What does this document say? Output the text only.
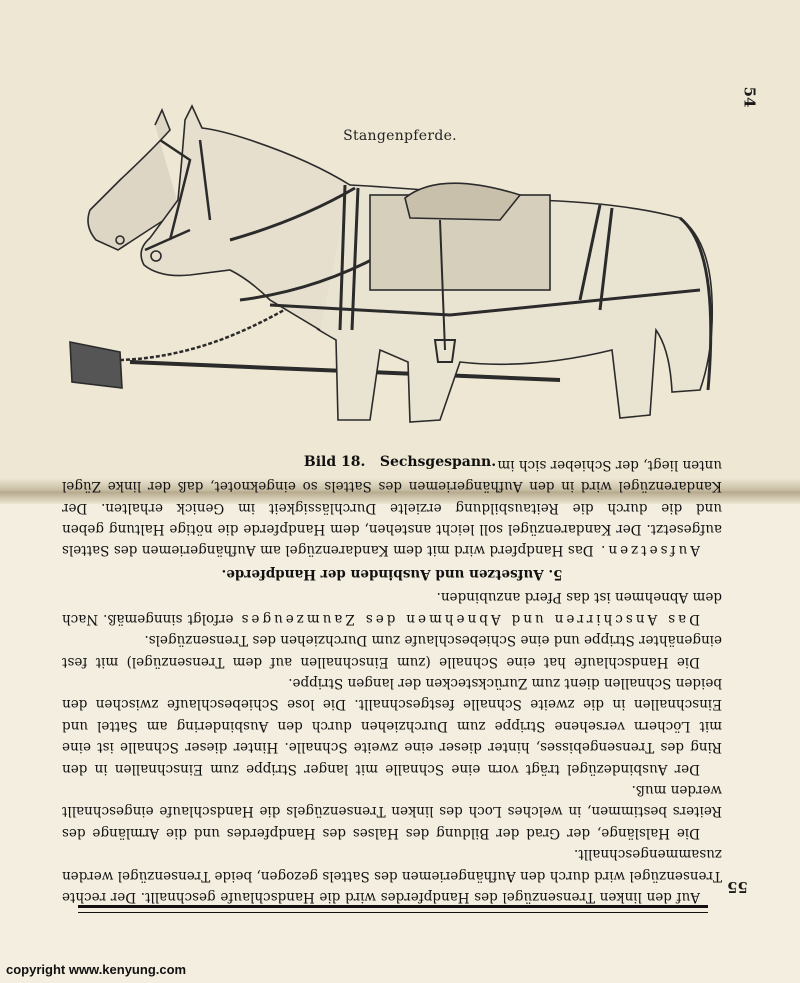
54
Stangenpferde.
Bild 18. Sechsgespann.

Auf den linken Trensenzügel des Handpferdes wird die Handschlaufe geschnallt. Der rechte Trensenzügel wird durch den Aufhängeriemen des Sattels gezogen, beide Trensenzügel werden zusammengeschnallt.

Die Halslänge, der Grad der Bildung des Halses des Handpferdes und die Armlänge des Reiters bestimmen, in welches Loch des linken Trensenzügels die Handschlaufe eingeschnallt werden muß.

Der Ausbindezügel trägt vorn eine Schnalle mit langer Strippe zum Einschnallen in den Ring des Trensengebisses, hinter dieser eine zweite Schnalle. Hinter dieser Schnalle ist eine mit Löchern versehene Strippe zum Durchziehen durch den Ausbindering am Sattel und Einschnallen in die zweite Schnalle festgeschnallt. Die lose Schiebeschlaufe zwischen den beiden Schnallen dient zum Zurückstecken der langen Strippe.

Die Handschlaufe hat eine Schnalle (zum Einschnallen auf dem Trensenzügel) mit fest eingenähter Strippe und eine Schiebeschlaufe zum Durchziehen des Trensenzügels.

Das Anschirren und Abnehmen des Zaumzeuges erfolgt sinngemäß. Nach dem Abnehmen ist das Pferd anzubinden.

5. Aufsetzen und Ausbinden der Handpferde.

Aufsetzen. Das Handpferd wird mit dem Kandarenzügel am Aufhängeriemen des Sattels aufgesetzt. Der Kandarenzügel soll leicht anstehen, dem Handpferde die nötige Haltung geben und die durch die Reitausbildung erzielte Durchlässigkeit im Genick erhalten. Der Kandarenzügel wird in den Aufhängeriemen des Sattels so eingeknotet, daß der linke Zügel unten liegt, der Schieber sich im

55
copyright www.kenyung.com
